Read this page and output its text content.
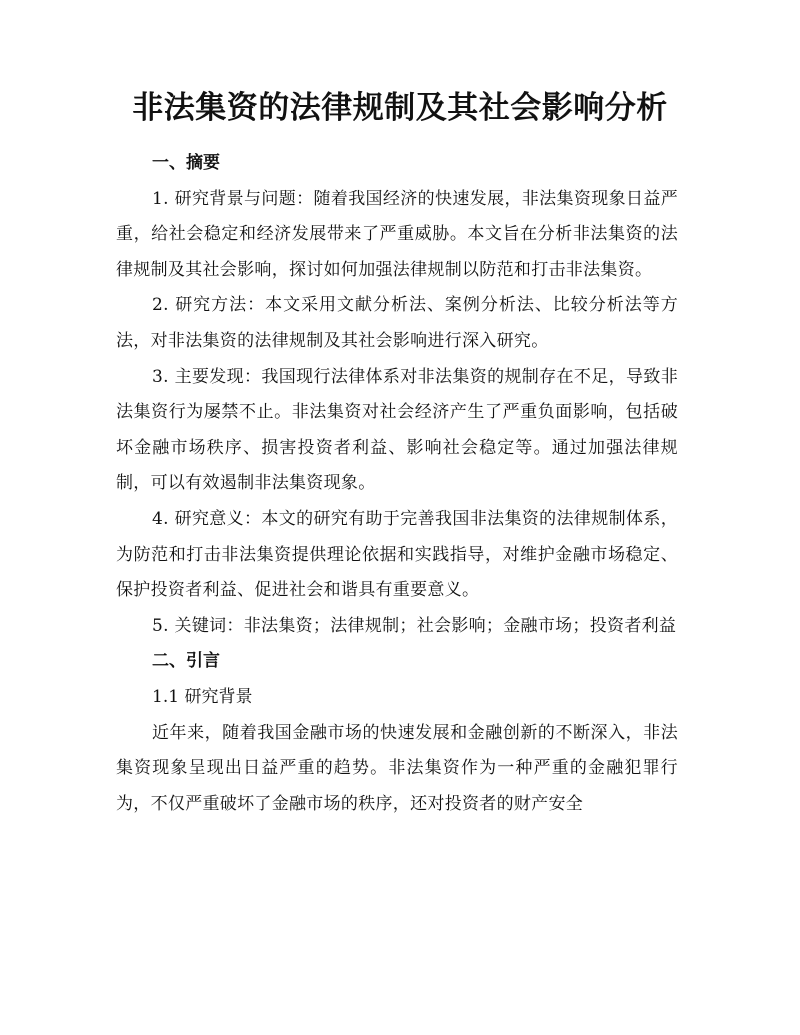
非法集资的法律规制及其社会影响分析
一、摘要

1. 研究背景与问题：随着我国经济的快速发展，非法集资现象日益严重，给社会稳定和经济发展带来了严重威胁。本文旨在分析非法集资的法律规制及其社会影响，探讨如何加强法律规制以防范和打击非法集资。

2. 研究方法：本文采用文献分析法、案例分析法、比较分析法等方法，对非法集资的法律规制及其社会影响进行深入研究。

3. 主要发现：我国现行法律体系对非法集资的规制存在不足，导致非法集资行为屡禁不止。非法集资对社会经济产生了严重负面影响，包括破坏金融市场秩序、损害投资者利益、影响社会稳定等。通过加强法律规制，可以有效遏制非法集资现象。

4. 研究意义：本文的研究有助于完善我国非法集资的法律规制体系，为防范和打击非法集资提供理论依据和实践指导，对维护金融市场稳定、保护投资者利益、促进社会和谐具有重要意义。

5. 关键词：非法集资；法律规制；社会影响；金融市场；投资者利益

二、引言

1.1 研究背景

近年来，随着我国金融市场的快速发展和金融创新的不断深入，非法集资现象呈现出日益严重的趋势。非法集资作为一种严重的金融犯罪行为，不仅严重破坏了金融市场的秩序，还对投资者的财产安全
